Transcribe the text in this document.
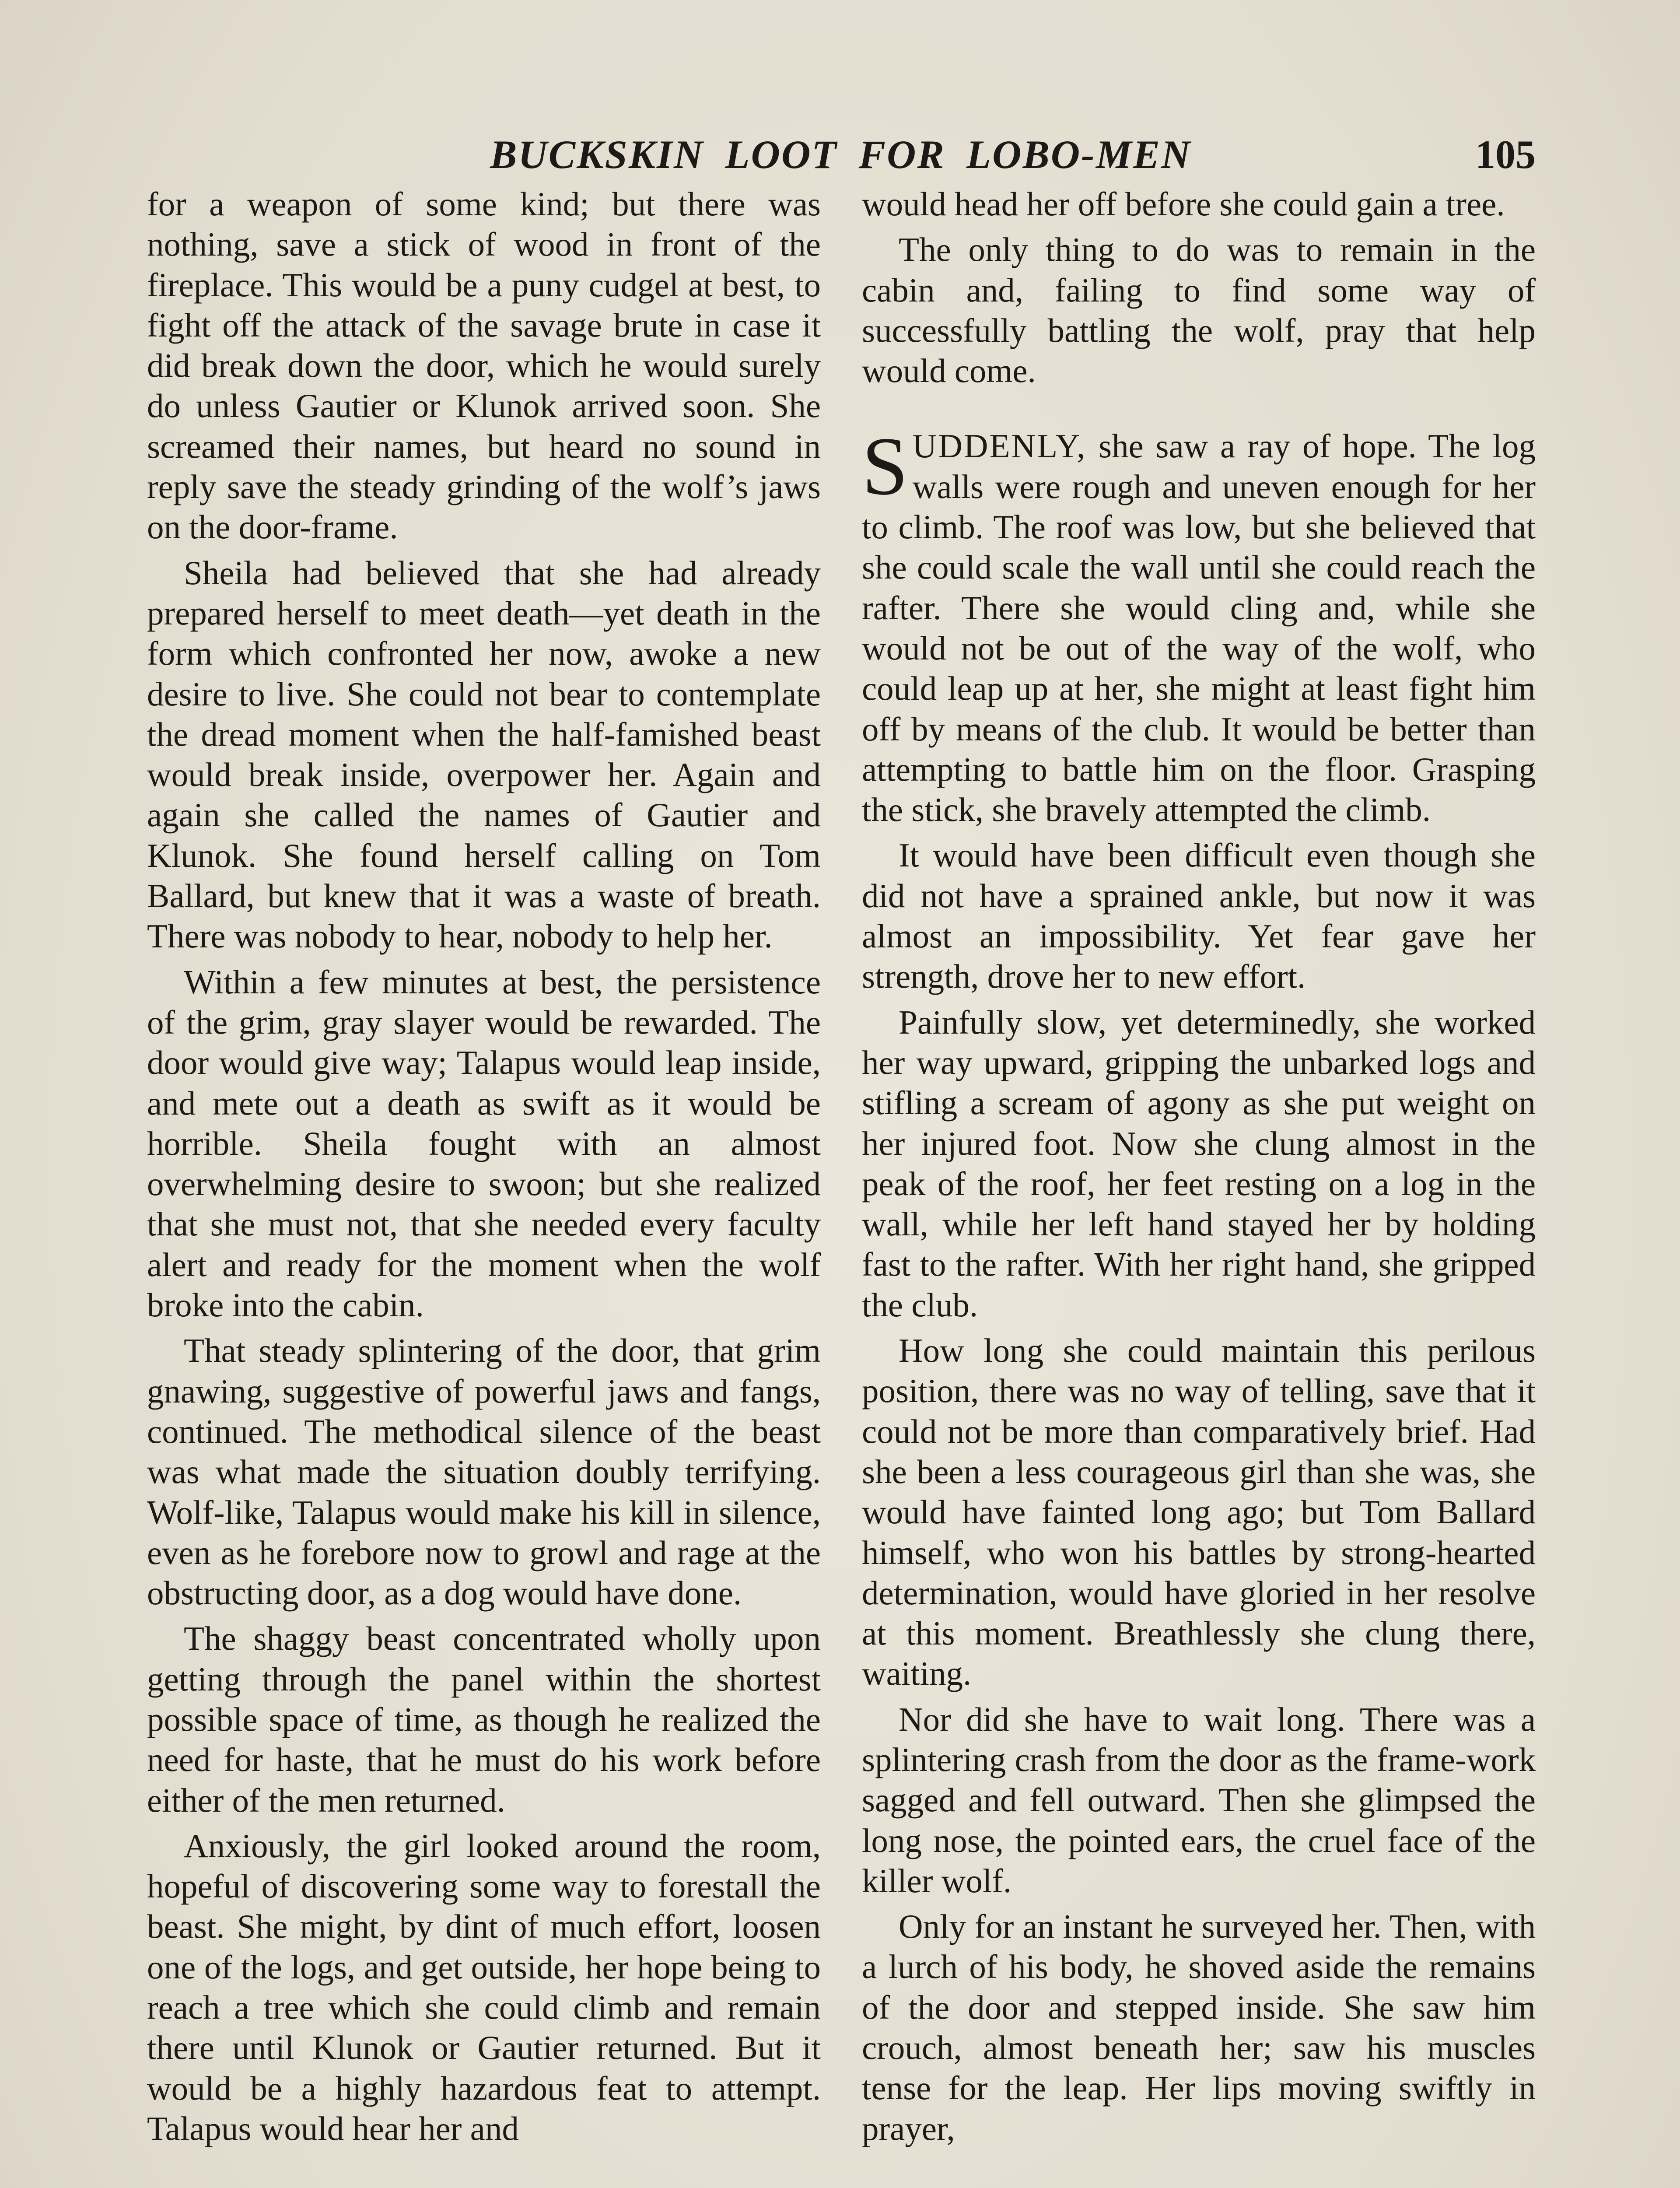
BUCKSKIN LOOT FOR LOBO-MEN	105

for a weapon of some kind; but there was nothing, save a stick of wood in front of the fireplace. This would be a puny cudgel at best, to fight off the attack of the savage brute in case it did break down the door, which he would surely do unless Gautier or Klunok arrived soon. She screamed their names, but heard no sound in reply save the steady grinding of the wolf’s jaws on the door-frame.

Sheila had believed that she had already prepared herself to meet death—yet death in the form which confronted her now, awoke a new desire to live. She could not bear to contemplate the dread moment when the half-famished beast would break inside, overpower her. Again and again she called the names of Gautier and Klunok. She found herself calling on Tom Ballard, but knew that it was a waste of breath. There was nobody to hear, nobody to help her.

Within a few minutes at best, the persistence of the grim, gray slayer would be rewarded. The door would give way; Talapus would leap inside, and mete out a death as swift as it would be horrible. Sheila fought with an almost overwhelming desire to swoon; but she realized that she must not, that she needed every faculty alert and ready for the moment when the wolf broke into the cabin.

That steady splintering of the door, that grim gnawing, suggestive of powerful jaws and fangs, continued. The methodical silence of the beast was what made the situation doubly terrifying. Wolf-like, Talapus would make his kill in silence, even as he forebore now to growl and rage at the obstructing door, as a dog would have done.

The shaggy beast concentrated wholly upon getting through the panel within the shortest possible space of time, as though he realized the need for haste, that he must do his work before either of the men returned.

Anxiously, the girl looked around the room, hopeful of discovering some way to forestall the beast. She might, by dint of much effort, loosen one of the logs, and get outside, her hope being to reach a tree which she could climb and remain there until Klunok or Gautier returned. But it would be a highly hazardous feat to attempt. Talapus would hear her and

would head her off before she could gain a tree.

The only thing to do was to remain in the cabin and, failing to find some way of successfully battling the wolf, pray that help would come.

SUDDENLY, she saw a ray of hope. The log walls were rough and uneven enough for her to climb. The roof was low, but she believed that she could scale the wall until she could reach the rafter. There she would cling and, while she would not be out of the way of the wolf, who could leap up at her, she might at least fight him off by means of the club. It would be better than attempting to battle him on the floor. Grasping the stick, she bravely attempted the climb.

It would have been difficult even though she did not have a sprained ankle, but now it was almost an impossibility. Yet fear gave her strength, drove her to new effort.

Painfully slow, yet determinedly, she worked her way upward, gripping the unbarked logs and stifling a scream of agony as she put weight on her injured foot. Now she clung almost in the peak of the roof, her feet resting on a log in the wall, while her left hand stayed her by holding fast to the rafter. With her right hand, she gripped the club.

How long she could maintain this perilous position, there was no way of telling, save that it could not be more than comparatively brief. Had she been a less courageous girl than she was, she would have fainted long ago; but Tom Ballard himself, who won his battles by strong-hearted determination, would have gloried in her resolve at this moment. Breathlessly she clung there, waiting.

Nor did she have to wait long. There was a splintering crash from the door as the frame-work sagged and fell outward. Then she glimpsed the long nose, the pointed ears, the cruel face of the killer wolf.

Only for an instant he surveyed her. Then, with a lurch of his body, he shoved aside the remains of the door and stepped inside. She saw him crouch, almost beneath her; saw his muscles tense for the leap. Her lips moving swiftly in prayer,
